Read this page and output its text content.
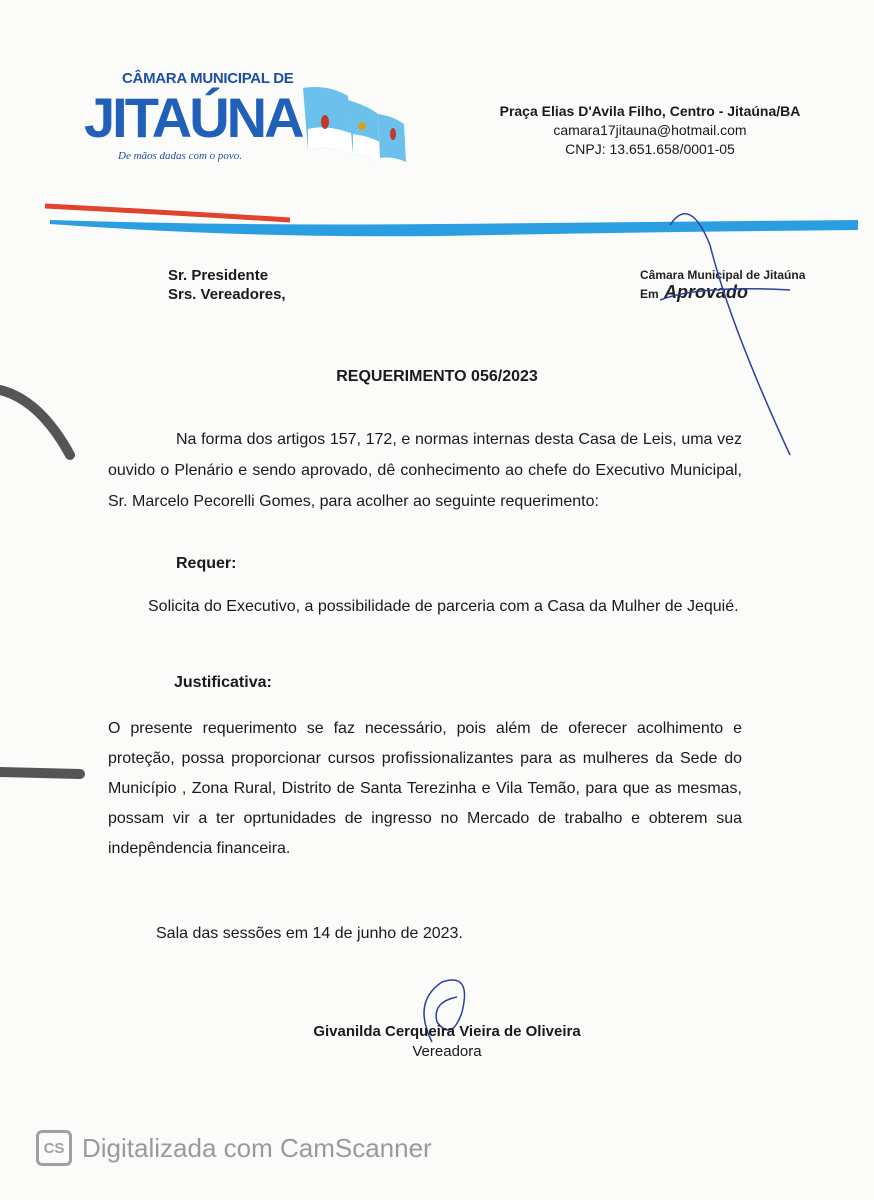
CÂMARA MUNICIPAL DE
JITAÚNA
De mãos dadas com o povo.
Praça Elias D'Avila Filho, Centro - Jitaúna/BA
camara17jitauna@hotmail.com
CNPJ: 13.651.658/0001-05
Sr. Presidente
Srs. Vereadores,
Câmara Municipal de Jitaúna
Em Aprovado
REQUERIMENTO 056/2023
Na forma dos artigos 157, 172, e normas internas desta Casa de Leis, uma vez ouvido o Plenário e sendo aprovado, dê conhecimento ao chefe do Executivo Municipal, Sr. Marcelo Pecorelli Gomes, para acolher ao seguinte requerimento:
Requer:
Solicita do Executivo, a possibilidade de parceria com a Casa da Mulher de Jequié.
Justificativa:
O presente requerimento se faz necessário, pois além de oferecer acolhimento e proteção, possa proporcionar cursos profissionalizantes para as mulheres da Sede do Município , Zona Rural, Distrito de Santa Terezinha e Vila Temão, para que as mesmas, possam vir a ter oprtunidades de ingresso no Mercado de trabalho e obterem sua indepêndencia financeira.
Sala das sessões em 14 de junho de 2023.
Givanilda Cerqueira Vieira de Oliveira
Vereadora
CS Digitalizada com CamScanner
